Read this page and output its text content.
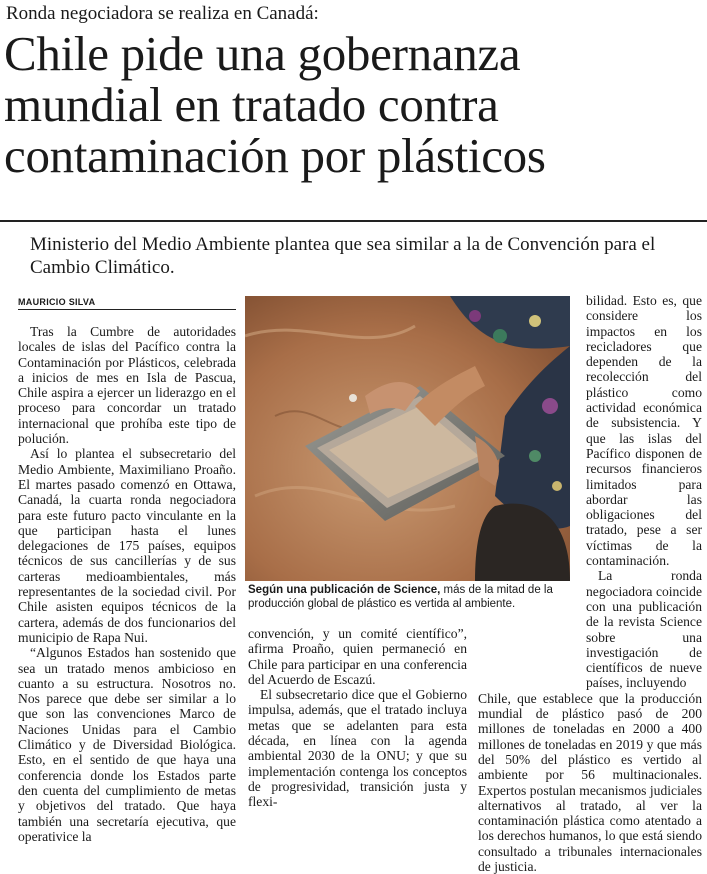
Ronda negociadora se realiza en Canadá:
Chile pide una gobernanza
mundial en tratado contra
contaminación por plásticos
Ministerio del Medio Ambiente plantea que sea similar a la de Convención para el Cambio Climático.
MAURICIO SILVA

Tras la Cumbre de autoridades locales de islas del Pacífico contra la Contaminación por Plásticos, celebrada a inicios de mes en Isla de Pascua, Chile aspira a ejercer un liderazgo en el proceso para concordar un tratado internacional que prohíba este tipo de polución.

Así lo plantea el subsecretario del Medio Ambiente, Maximiliano Proaño. El martes pasado comenzó en Ottawa, Canadá, la cuarta ronda negociadora para este futuro pacto vinculante en la que participan hasta el lunes delegaciones de 175 países, equipos técnicos de sus cancillerías y de sus carteras medioambientales, más representantes de la sociedad civil. Por Chile asisten equipos técnicos de la cartera, además de dos funcionarios del municipio de Rapa Nui.

“Algunos Estados han sostenido que sea un tratado menos ambicioso en cuanto a su estructura. Nosotros no. Nos parece que debe ser similar a lo que son las convenciones Marco de Naciones Unidas para el Cambio Climático y de Diversidad Biológica. Esto, en el sentido de que haya una conferencia donde los Estados parte den cuenta del cumplimiento de metas y objetivos del tratado. Que haya también una secretaría ejecutiva, que operativice la

Según una publicación de Science, más de la mitad de la producción global de plástico es vertida al ambiente.

convención, y un comité científico”, afirma Proaño, quien permaneció en Chile para participar en una conferencia del Acuerdo de Escazú.

El subsecretario dice que el Gobierno impulsa, además, que el tratado incluya metas que se adelanten para esta década, en línea con la agenda ambiental 2030 de la ONU; y que su implementación contenga los conceptos de progresividad, transición justa y flexi-

bilidad. Esto es, que considere los impactos en los recicladores que dependen de la recolección del plástico como actividad económica de subsistencia. Y que las islas del Pacífico disponen de recursos financieros limitados para abordar las obligaciones del tratado, pese a ser víctimas de la contaminación.

La ronda negociadora coincide con una publicación de la revista Science sobre una investigación de científicos de nueve países, incluyendo

Chile, que establece que la producción mundial de plástico pasó de 200 millones de toneladas en 2000 a 400 millones de toneladas en 2019 y que más del 50% del plástico es vertido al ambiente por 56 multinacionales. Expertos postulan mecanismos judiciales alternativos al tratado, al ver la contaminación plástica como atentado a los derechos humanos, lo que está siendo consultado a tribunales internacionales de justicia.
